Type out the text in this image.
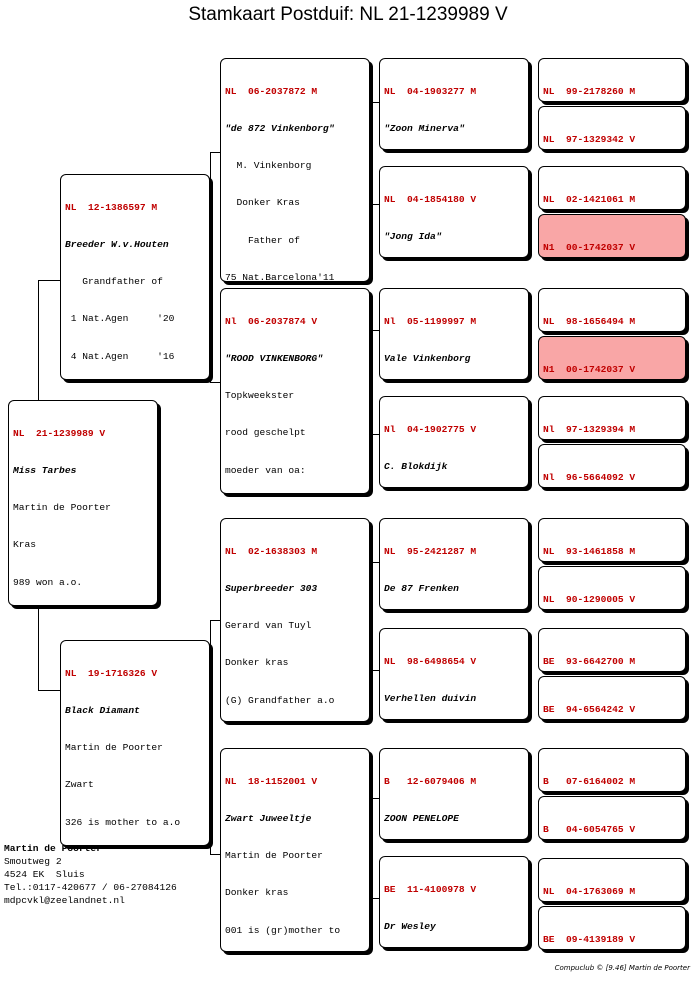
Stamkaart Postduif: NL 21-1239989 V

NL  21-1239989 V

Miss Tarbes

Martin de Poorter

Kras

989 won a.o.

NL  12-1386597 M

Breeder W.v.Houten

Grandfather of

1 Nat.Agen     '20

4 Nat.Agen     '16

NL  19-1716326 V

Black Diamant

Martin de Poorter

Zwart

326 is mother to a.o

NL  06-2037872 M

"de 872 Vinkenborg"

M. Vinkenborg

Donker Kras

Father of

75 Nat.Barcelona'11

Nl  06-2037874 V

"ROOD VINKENBORG"

Topkweekster

rood geschelpt

moeder van oa:

NL  02-1638303 M

Superbreeder 303

Gerard van Tuyl

Donker kras

(G) Grandfather a.o

NL  18-1152001 V

Zwart Juweeltje

Martin de Poorter

Donker kras

001 is (gr)mother to

NL  04-1903277 M

"Zoon Minerva"

NL  04-1854180 V

"Jong Ida"

Nl  05-1199997 M

Vale Vinkenborg

Nl  04-1902775 V

C. Blokdijk

NL  95-2421287 M

De 87 Frenken

NL  98-6498654 V

Verhellen duivin

B   12-6079406 M

ZOON PENELOPE

BE  11-4100978 V

Dr Wesley

NL  99-2178260 M

NL  97-1329342 V

NL  02-1421061 M

N1  00-1742037 V

NL  98-1656494 M

N1  00-1742037 V

Nl  97-1329394 M

Nl  96-5664092 V

NL  93-1461858 M

NL  90-1290005 V

BE  93-6642700 M

BE  94-6564242 V

B   07-6164002 M

B   04-6054765 V

NL  04-1763069 M

BE  09-4139189 V

Martin de Poorter
Smoutweg 2
4524 EK  Sluis
Tel.:0117-420677 / 06-27084126
mdpcvkl@zeelandnet.nl
Compuclub © [9.46] Martin de Poorter
